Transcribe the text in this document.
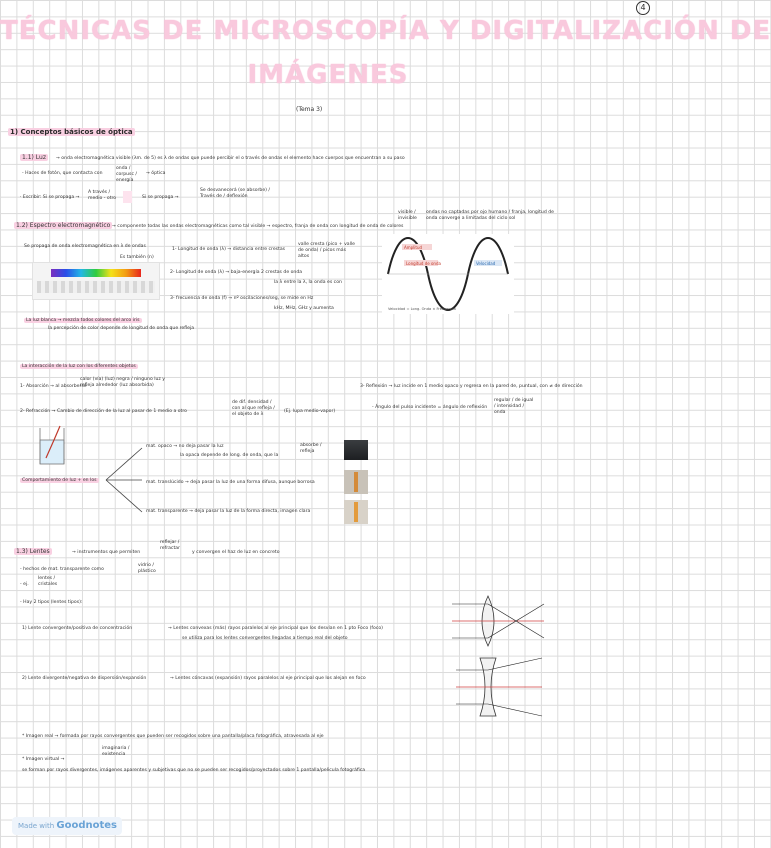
4
TÉCNICAS DE MICROSCOPÍA Y DIGITALIZACIÓN DE
IMÁGENES
(Tema 3)
1) Conceptos básicos de óptica
1.1) Luz	→ onda electromagnética visible (λm. de 5) es λ de ondas que puede percibir el o través de ondas el elemento hace cuerpos que encuentran a su paso
- Haces de fotón, que contacta con
onda / corpusc / energía
→ óptica
· Escribir: Si se propaga →
A través / medio - otro	Si se propaga →
Se desvanecerá (se absorbe) / Través de / deflexión
1.2) Espectro electromagnético → componente todas las ondas electromagnéticas como tal visible → espectro, franja de onda con longitud de onda de colores
visible / invisible
ondas no captadas por ojo humano / franja, longitud de onda converge a limitadas del ciclo sol
Se propaga de onda electromagnética en λ de ondas
Es también (n)
1- Longitud de onda (λ) → distancia entre crestas
valle cresta (pico + valle de onda) / picos más altos
2- Longitud de onda (λ) → baja-energía 2 crestas de onda
la λ entre la λ, la onda es con
3- frecuencia de onda (f) → nº oscilaciones/seg, se mide en Hz
kHz, MHz, GHz y aumenta
La luz blanca → mezcla todos colores del arco iris
la percepción de color depende de longitud de onda que refleja
Amplitud
Longitud de onda	Velocidad
Velocidad = Long. Onda × Frecuencia
La interacción de la luz con los diferentes objetos
1- Absorción → al absorberse
calor (vía) (luz) negra / ninguno luz y refleja alrededor (luz absorbida)
2- Refracción → Cambio de dirección de la luz al pasar de 1 medio a otro
de dif. densidad / con al que refleja / el objeto de λ
(Ej. lupa medio-vapor)
3- Reflexión → luz incide en 1 medio opaco y regresa en la pared de, puntual, con ≠ de dirección
- Ángulo del pulso incidente = ángulo de reflexión
regular / de igual / intensidad / onda
Comportamiento de luz + en los
mat. opaco → no deja pasar la luz
la opaca depende de long. de onda, que la
absorbe / refleja
mat. translúcido → deja pasar la luz de una forma difusa, aunque borrosa
mat. transparente → deja pasar la luz de la forma directa, imagen clara
1.3) Lentes	→ instrumentos que permiten
reflejar / refractar
y convergen el haz de luz en concreto
- hechos de mat. transparente como
vidrio / plástico
- ej.
lentes / cristales
- Hay 2 tipos (lentes tipos):
1) Lente convergente/positiva de concentración	→ Lentes convexas (más) rayos paralelos al eje principal que los desvían en 1 pto Foco (foco)
se utiliza para los lentes convergentes llegadas a tiempo real del objeto
2) Lente divergente/negativa de dispersión/expansión	→ Lentes cóncavas (expansión) rayos paralelos al eje principal que los alejan en foco
* Imagen real → formada por rayos convergentes que pueden ser recogidos sobre una pantalla/placa fotográfica, atravesada al eje
* Imagen virtual →
imaginaria / existencia
se forman por rayos divergentes, imágenes aparentes y subjetivas que no se pueden ser recogidos/proyectados sobre 1 pantalla/pelicula fotográfica
Made with Goodnotes
